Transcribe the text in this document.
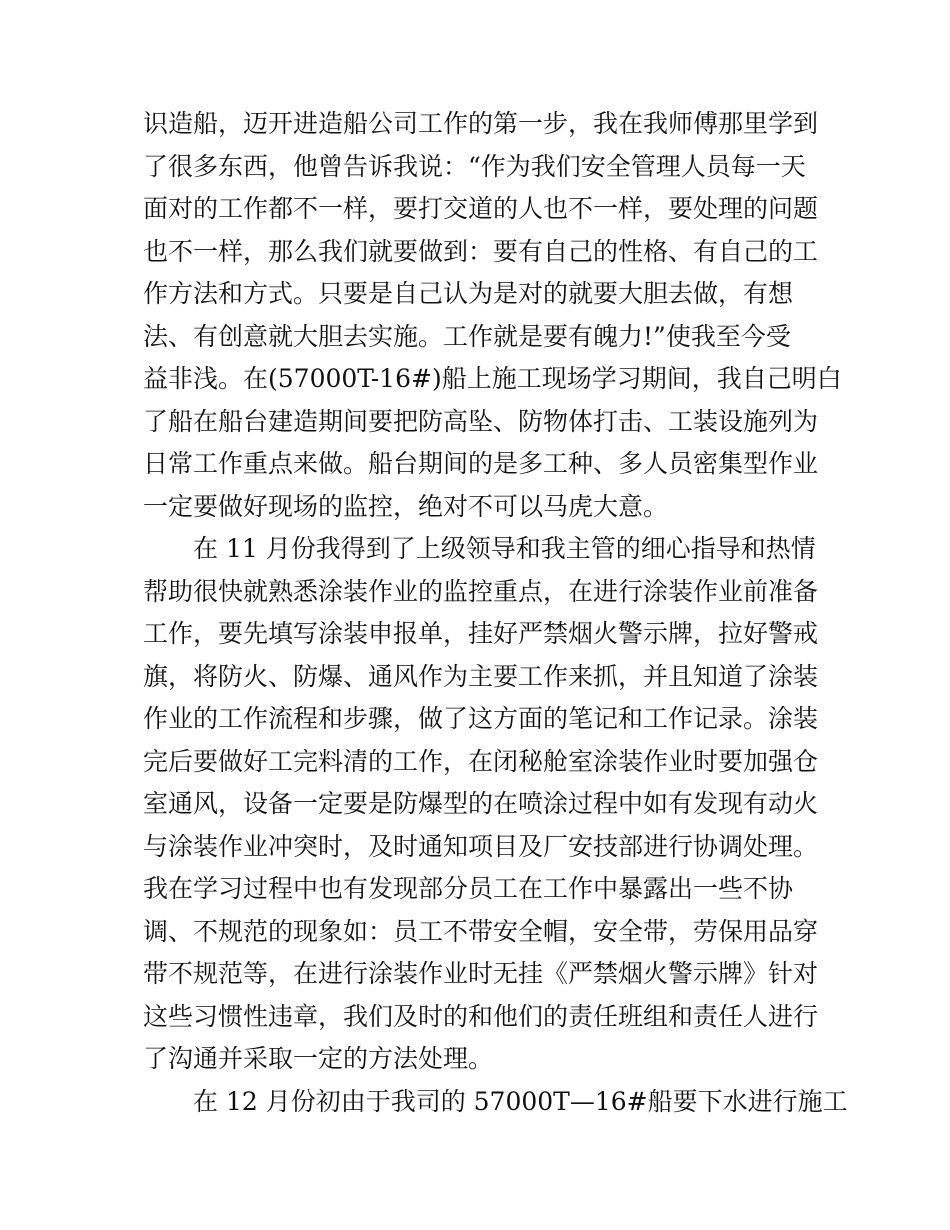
识造船，迈开进造船公司工作的第一步，我在我师傅那里学到
了很多东西，他曾告诉我说：“作为我们安全管理人员每一天
面对的工作都不一样，要打交道的人也不一样，要处理的问题
也不一样，那么我们就要做到：要有自己的性格、有自己的工
作方法和方式。只要是自己认为是对的就要大胆去做，有想
法、有创意就大胆去实施。工作就是要有魄力!”使我至今受
益非浅。在(57000T-16#)船上施工现场学习期间，我自己明白
了船在船台建造期间要把防高坠、防物体打击、工装设施列为
日常工作重点来做。船台期间的是多工种、多人员密集型作业
一定要做好现场的监控，绝对不可以马虎大意。
　　在 11 月份我得到了上级领导和我主管的细心指导和热情
帮助很快就熟悉涂装作业的监控重点，在进行涂装作业前准备
工作，要先填写涂装申报单，挂好严禁烟火警示牌，拉好警戒
旗，将防火、防爆、通风作为主要工作来抓，并且知道了涂装
作业的工作流程和步骤，做了这方面的笔记和工作记录。涂装
完后要做好工完料清的工作，在闭秘舱室涂装作业时要加强仓
室通风，设备一定要是防爆型的在喷涂过程中如有发现有动火
与涂装作业冲突时，及时通知项目及厂安技部进行协调处理。
我在学习过程中也有发现部分员工在工作中暴露出一些不协
调、不规范的现象如：员工不带安全帽，安全带，劳保用品穿
带不规范等，在进行涂装作业时无挂《严禁烟火警示牌》针对
这些习惯性违章，我们及时的和他们的责任班组和责任人进行
了沟通并采取一定的方法处理。
　　在 12 月份初由于我司的 57000T—16#船要下水进行施工
